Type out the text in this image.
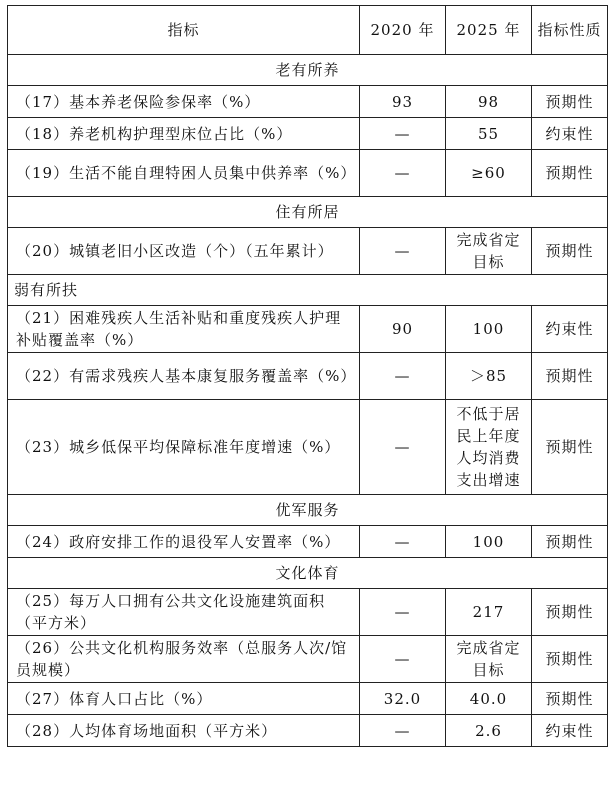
指标	2020 年	2025 年	指标性质
老有所养			
（17）基本养老保险参保率（%）	93	98	预期性
（18）养老机构护理型床位占比（%）	—	55	约束性
（19）生活不能自理特困人员集中供养率（%）	—	≥60	预期性
住有所居			
（20）城镇老旧小区改造（个）（五年累计）	—	完成省定目标	预期性
弱有所扶			
（21）困难残疾人生活补贴和重度残疾人护理补贴覆盖率（%）	90	100	约束性
（22）有需求残疾人基本康复服务覆盖率（%）	—	＞85	预期性
（23）城乡低保平均保障标准年度增速（%）	—	不低于居民上年度人均消费支出增速	预期性
优军服务			
（24）政府安排工作的退役军人安置率（%）	—	100	预期性
文化体育			
（25）每万人口拥有公共文化设施建筑面积（平方米）	—	217	预期性
（26）公共文化机构服务效率（总服务人次/馆员规模）	—	完成省定目标	预期性
（27）体育人口占比（%）	32.0	40.0	预期性
（28）人均体育场地面积（平方米）	—	2.6	约束性
